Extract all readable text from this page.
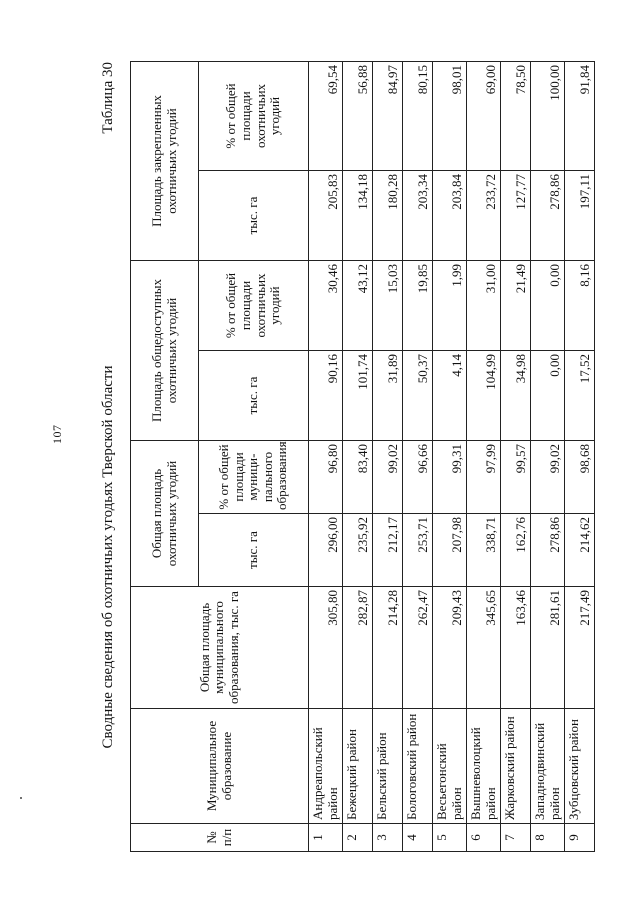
107 Сводные сведения об охотничьих угодьях Тверской области
Таблица 30
№ п/п	Муниципальное образование	Общая площадь муниципального образования, тыс. га	Общая площадь охотничьих угодий		Площадь общедоступных охотничьих угодий		Площадь закрепленных охотничьих угодий	
			тыс. га	% от общей площади муници-пального образования	тыс. га	% от общей площади охотничьих угодий	тыс. га	% от общей площади охотничьих угодий
1	Андреапольский район	305,80	296,00	96,80	90,16	30,46	205,83	69,54
2	Бежецкий район	282,87	235,92	83,40	101,74	43,12	134,18	56,88
3	Бельский район	214,28	212,17	99,02	31,89	15,03	180,28	84,97
4	Бологовский район	262,47	253,71	96,66	50,37	19,85	203,34	80,15
5	Весьегонский район	209,43	207,98	99,31	4,14	1,99	203,84	98,01
6	Вышневолоцкий район	345,65	338,71	97,99	104,99	31,00	233,72	69,00
7	Жарковский район	163,46	162,76	99,57	34,98	21,49	127,77	78,50
8	Западнодвинский район	281,61	278,86	99,02	0,00	0,00	278,86	100,00
9	Зубцовский район	217,49	214,62	98,68	17,52	8,16	197,11	91,84
